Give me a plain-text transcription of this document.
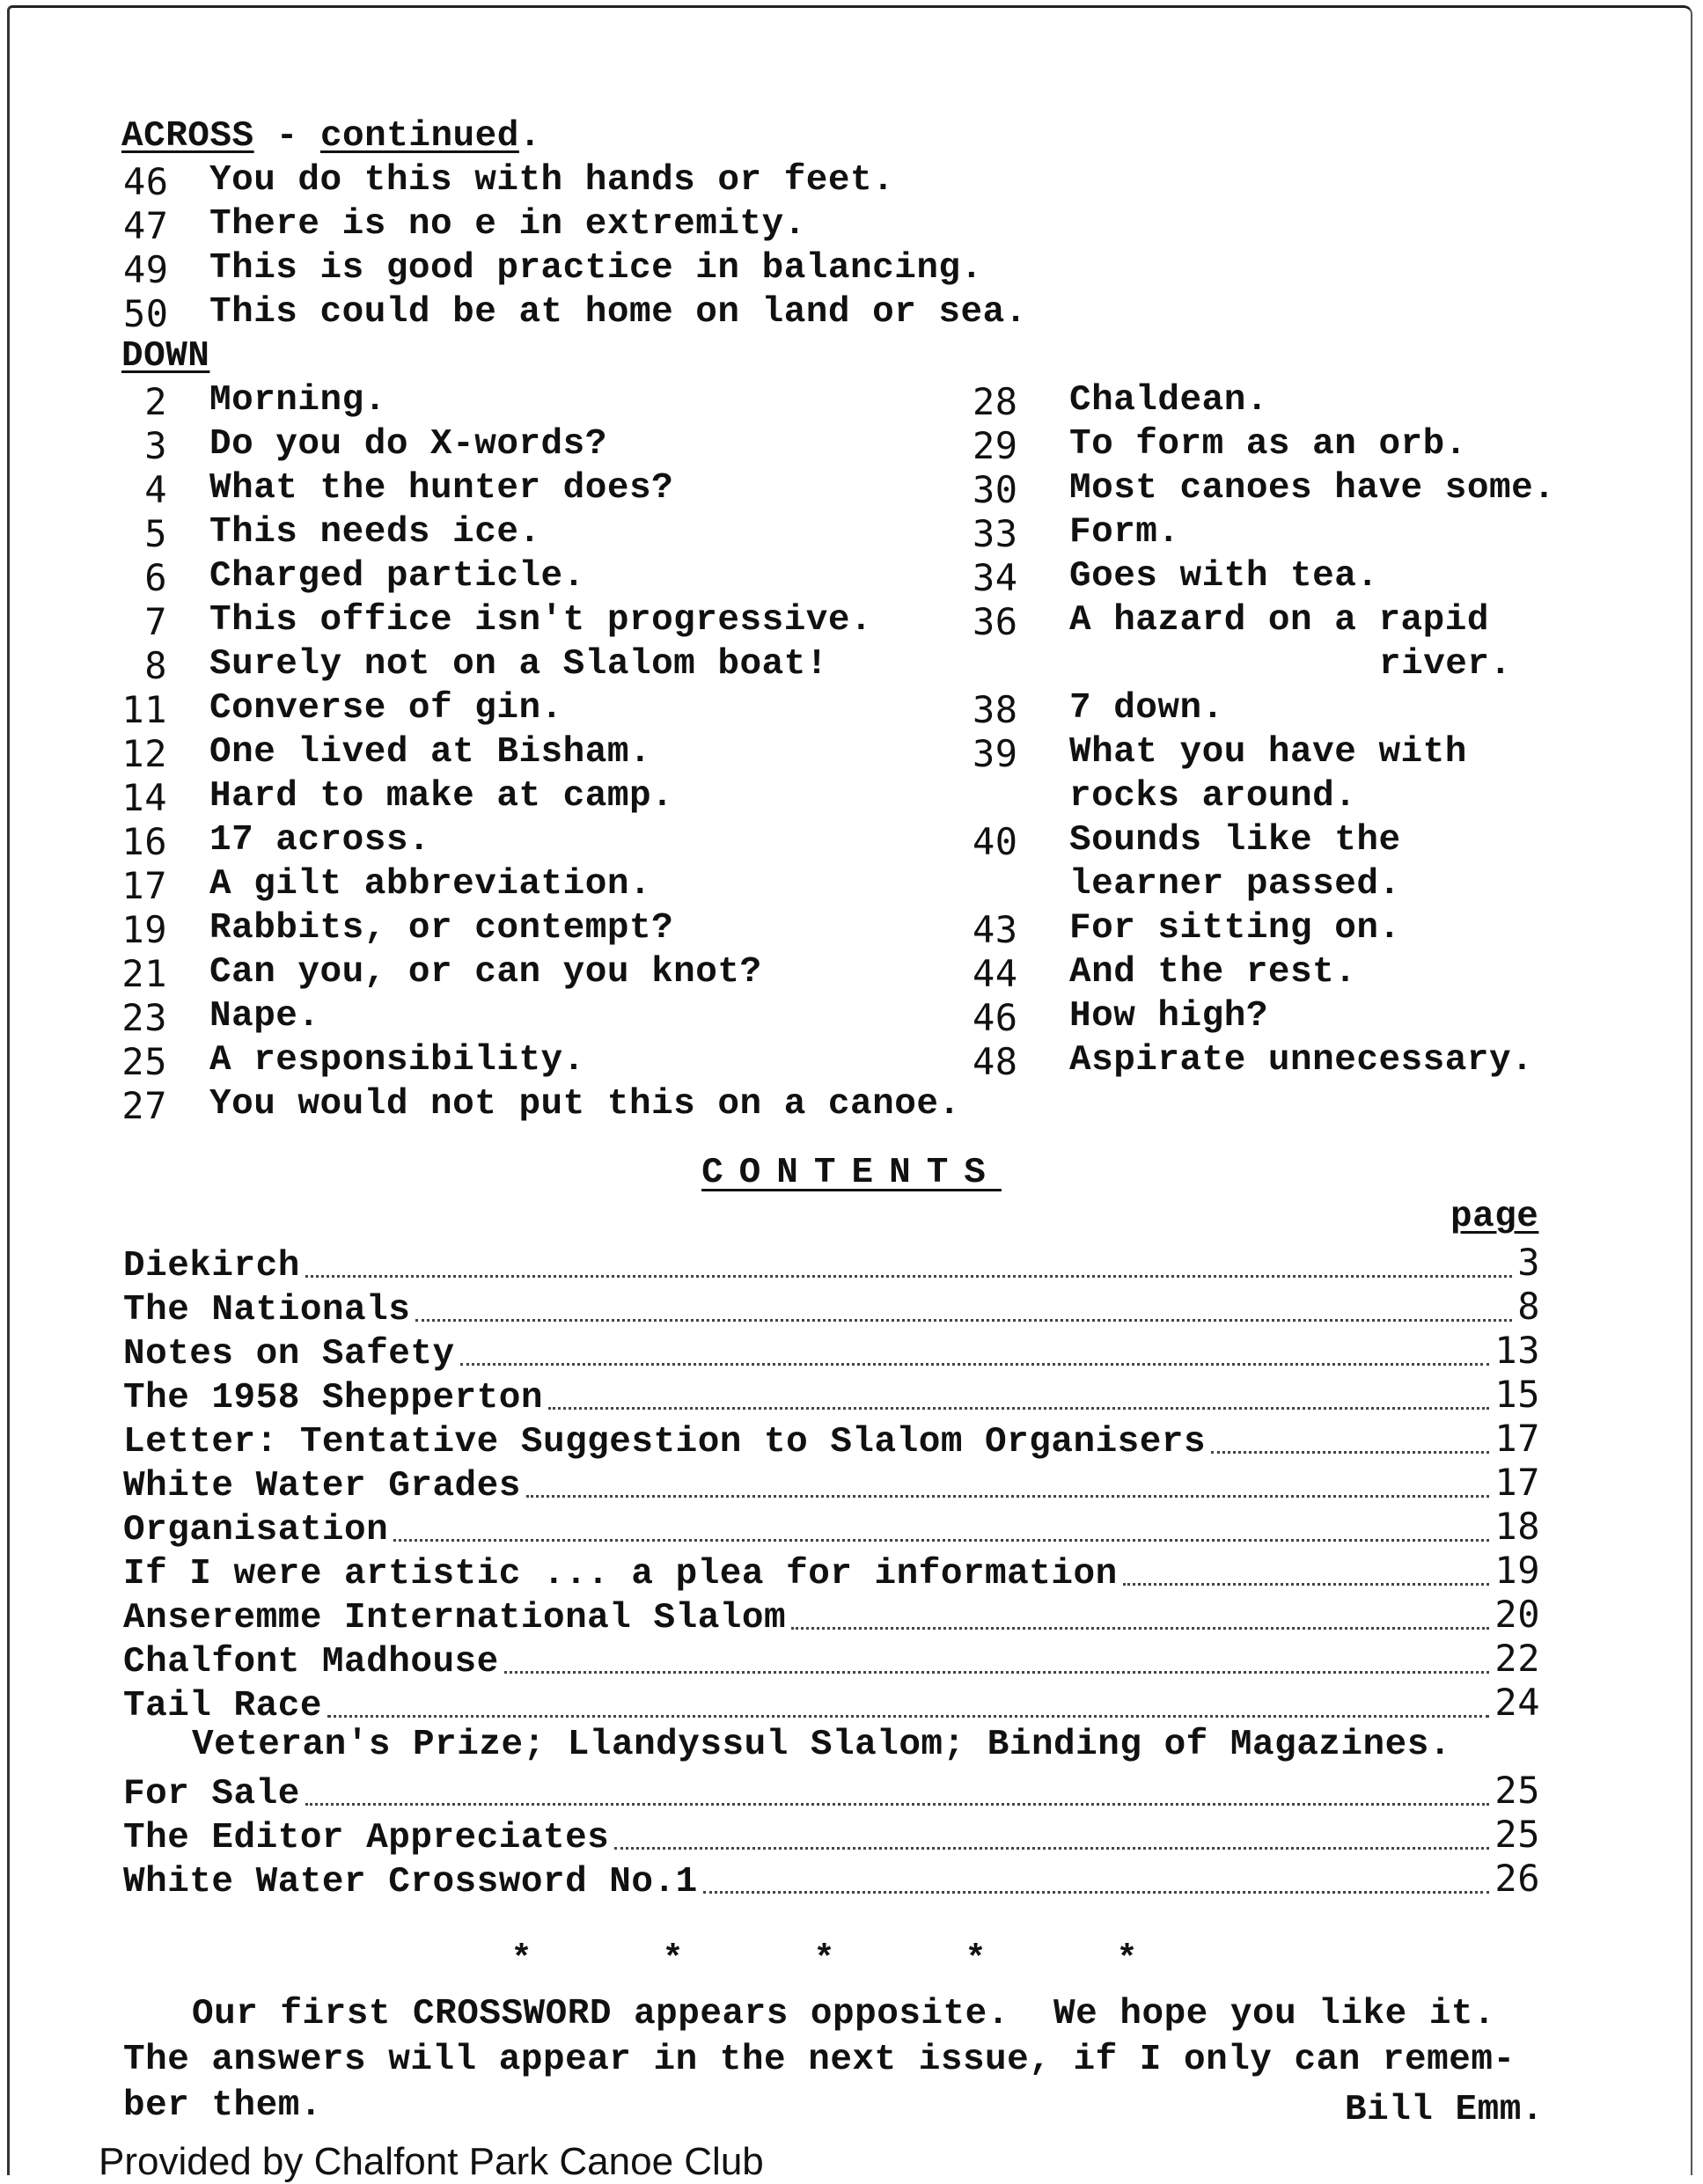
ACROSS - continued.
46	You do this with hands or feet.
47	There is no e in extremity.
49	This is good practice in balancing.
50	This could be at home on land or sea.
DOWN
2 Morning.
3 Do you do X-words?
4 What the hunter does?
5 This needs ice.
6 Charged particle.
7 This office isn't progressive.
8 Surely not on a Slalom boat!
11 Converse of gin.
12 One lived at Bisham.
14 Hard to make at camp.
16 17 across.
17 A gilt abbreviation.
19 Rabbits, or contempt?
21 Can you, or can you knot?
23 Nape.
25 A responsibility.
27 You would not put this on a canoe.
28 Chaldean.
29 To form as an orb.
30 Most canoes have some.
33 Form.
34 Goes with tea.
36 A hazard on a rapid
river.
38 7 down.
39 What you have with
rocks around.
40 Sounds like the
learner passed.
43 For sitting on.
44 And the rest.
46 How high?
48 Aspirate unnecessary.
CONTENTS
page
Diekirch	3
The Nationals	8
Notes on Safety	13
The 1958 Shepperton	15
Letter: Tentative Suggestion to Slalom Organisers	17
White Water Grades	17
Organisation	18
If I were artistic ... a plea for information	19
Anseremme International Slalom	20
Chalfont Madhouse	22
Tail Race	24
Veteran's Prize; Llandyssul Slalom; Binding of Magazines.
For Sale	25
The Editor Appreciates	25
White Water Crossword No.1	26
* * * * *
Our first CROSSWORD appears opposite.  We hope you like it.
The answers will appear in the next issue, if I only can remem-
ber them.	Bill Emm.
Provided by Chalfont Park Canoe Club
